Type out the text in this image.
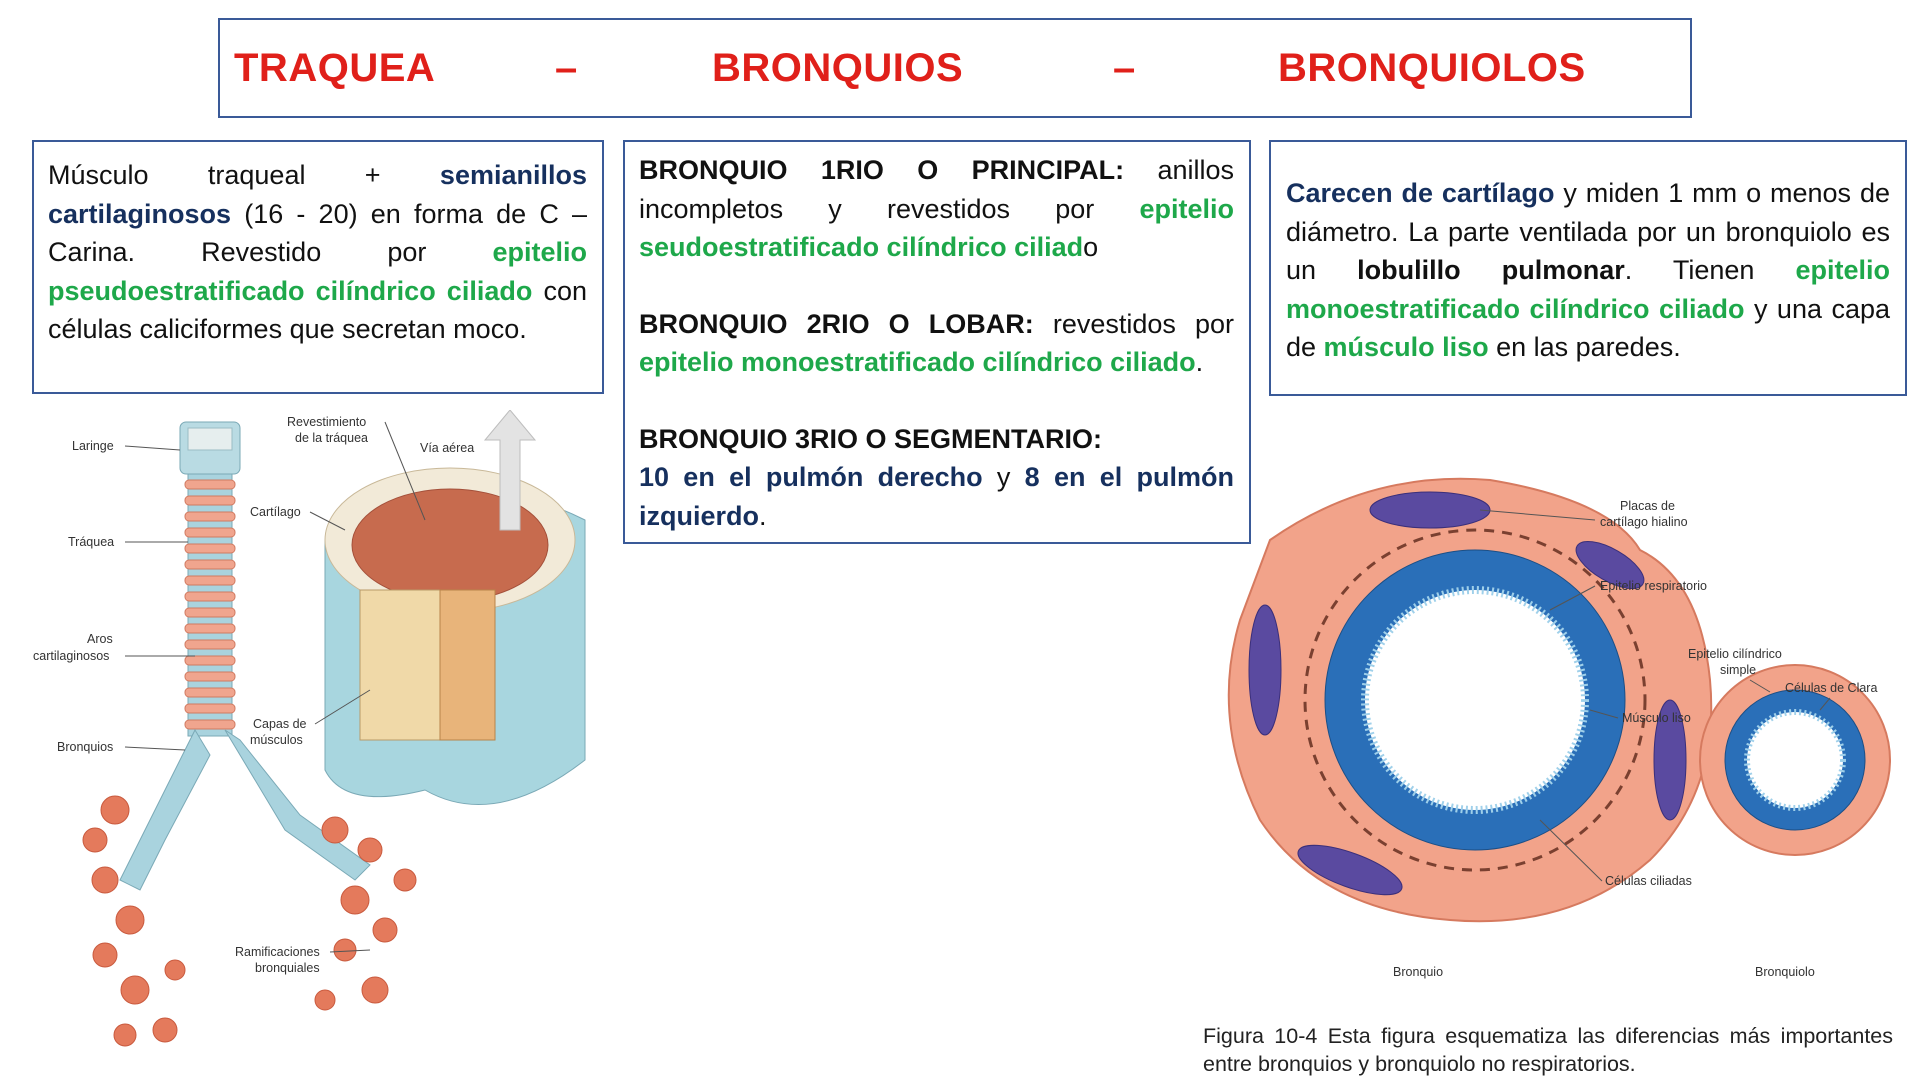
TRAQUEA	–	BRONQUIOS	–	BRONQUIOLOS
Músculo traqueal + semianillos cartilaginosos (16 - 20) en forma de C – Carina. Revestido por epitelio pseudoestratificado cilíndrico ciliado con células caliciformes que secretan moco.
BRONQUIO 1RIO O PRINCIPAL: anillos incompletos y revestidos por epitelio seudoestratificado cilíndrico ciliado
BRONQUIO 2RIO O LOBAR: revestidos por epitelio monoestratificado cilíndrico ciliado.
BRONQUIO 3RIO O SEGMENTARIO:
10 en el pulmón derecho y 8 en el pulmón izquierdo.
Carecen de cartílago y miden 1 mm o menos de diámetro. La parte ventilada por un bronquiolo es un lobulillo pulmonar. Tienen epitelio monoestratificado cilíndrico ciliado y una capa de músculo liso en las paredes.
Laringe
Tráquea
Aros
cartilaginosos
Bronquios
Revestimiento
de la tráquea
Vía aérea
Cartílago
Capas de
músculos
Ramificaciones
bronquiales
Placas de
cartílago hialino
Epitelio respiratorio
Epitelio cilíndrico
simple
Células de Clara
Músculo liso
Células ciliadas
Bronquio	Bronquiolo
Figura 10-4 Esta figura esquematiza las diferencias más importantes entre bronquios y bronquiolo no respiratorios.
